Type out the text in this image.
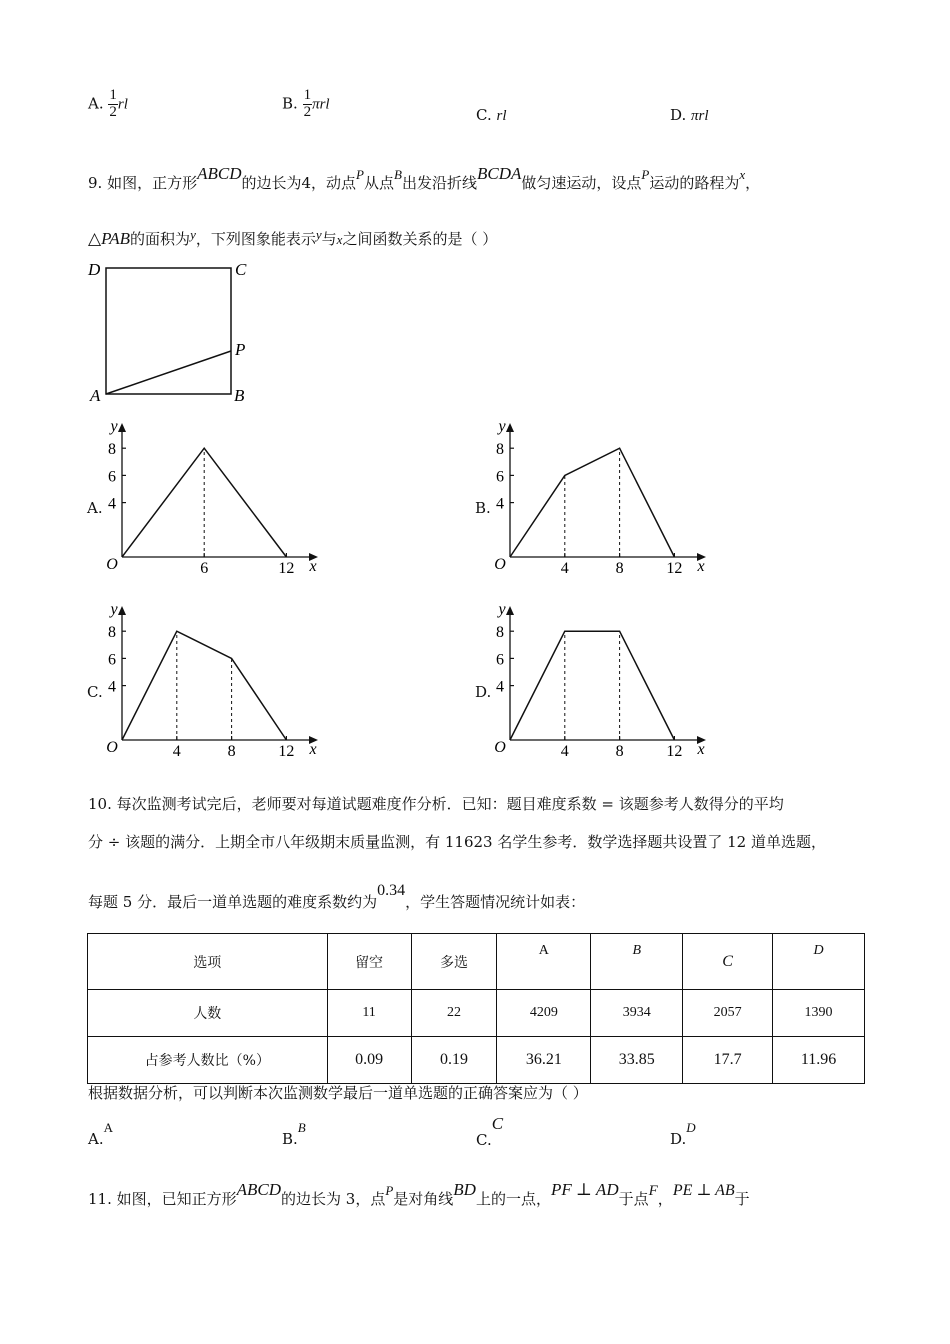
A. $\frac{1}{2}$ rl	B. $\frac{1}{2}$ πrl
C. rl	D. πrl
9. 如图，正方形ABCD的边长为4，动点P从点B出发沿折线BCDA做匀速运动，设点P运动的路程为x，
△PAB的面积为y，下列图象能表示y与x之间函数关系的是（ ）
D	C
P
A	B
A.	B.
C.	D.
y
x
O
8
6
4
6	12
y
x
O
8
6
4
4	8	12
y
x
O
8
6
4
4	8	12
y
x
O
8
6
4
4	8	12
10. 每次监测考试完后，老师要对每道试题难度作分析．已知：题目难度系数 = 该题参考人数得分的平均
分 ÷ 该题的满分．上期全市八年级期末质量监测，有 11623 名学生参考．数学选择题共设置了 12 道单选题，
每题 5 分．最后一道单选题的难度系数约为0.34，学生答题情况统计如表：
选项	留空	多选	A	B	C	D
人数	11	22	4209	3934	2057	1390
占参考人数比（%）	0.09	0.19	36.21	33.85	17.7	11.96
根据数据分析，可以判断本次监测数学最后一道单选题的正确答案应为（ ）
A.A
B.B
C.C
D.D
11. 如图，已知正方形ABCD的边长为 3，点P是对角线BD上的一点，PF ⊥ AD于点F，PE ⊥ AB于
